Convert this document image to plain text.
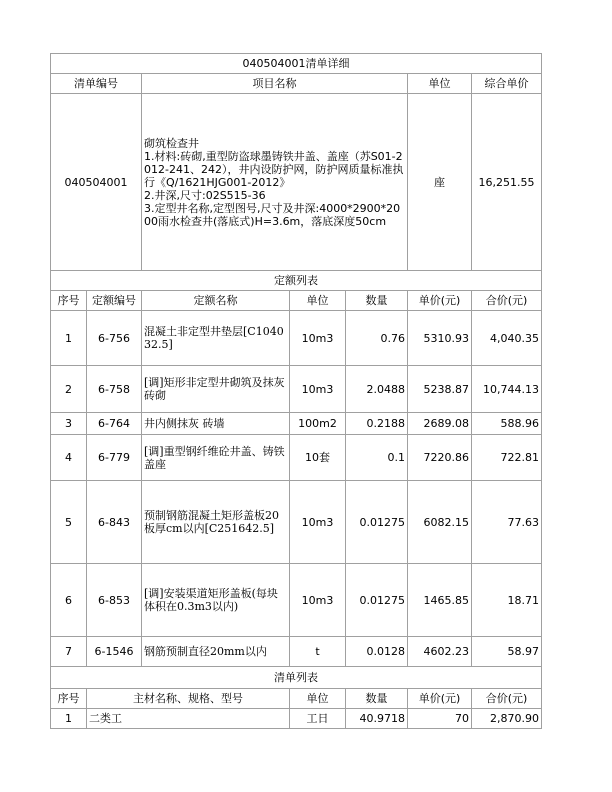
040504001清单详细						
清单编号		项目名称			单位	综合单价
040504001		砌筑检查井
1.材料:砖砌,重型防盗球墨铸铁井盖、盖座（苏S01-2012-241、242），井内设防护网，防护网质量标准执行《Q/1621HJG001-2012》
2.井深,尺寸:02S515-36
3.定型井名称,定型图号,尺寸及井深:4000*2900*2000雨水检查井(落底式)H=3.6m，落底深度50cm			座	16,251.55
定额列表						
序号	定额编号	定额名称	单位	数量	单价(元)	合价(元)
1	6-756	混凝土非定型井垫层[C104032.5]	10m3	0.76	5310.93	4,040.35
2	6-758	[调]矩形非定型井砌筑及抹灰 砖砌	10m3	2.0488	5238.87	10,744.13
3	6-764	井内侧抹灰 砖墙	100m2	0.2188	2689.08	588.96
4	6-779	[调]重型钢纤维砼井盖、铸铁盖座	10套	0.1	7220.86	722.81
5	6-843	预制钢筋混凝土矩形盖板20板厚cm以内[C251642.5]	10m3	0.01275	6082.15	77.63
6	6-853	[调]安装渠道矩形盖板(每块体积在0.3m3以内)	10m3	0.01275	1465.85	18.71
7	6-1546	钢筋预制直径20mm以内	t	0.0128	4602.23	58.97
清单列表						
序号	主材名称、规格、型号		单位	数量	单价(元)	合价(元)
1	二类工		工日	40.9718	70	2,870.90
